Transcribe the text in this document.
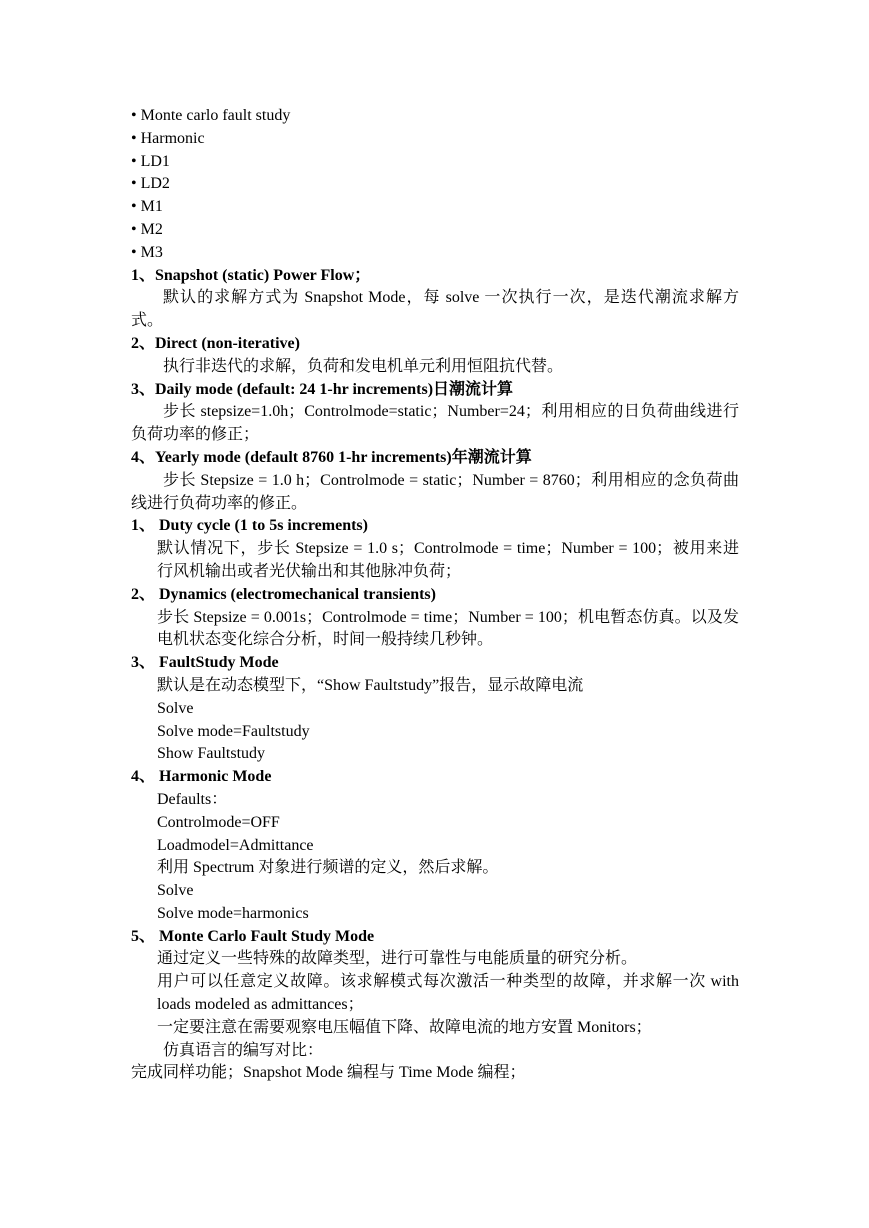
• Monte carlo fault study
• Harmonic
• LD1
• LD2
• M1
• M2
• M3
1、Snapshot (static) Power Flow；
默认的求解方式为 Snapshot Mode，每 solve 一次执行一次，是迭代潮流求解方式。
2、Direct (non-iterative)
执行非迭代的求解，负荷和发电机单元利用恒阻抗代替。
3、Daily mode (default: 24 1-hr increments)日潮流计算
步长 stepsize=1.0h；Controlmode=static；Number=24；利用相应的日负荷曲线进行负荷功率的修正；
4、Yearly mode (default 8760 1-hr increments)年潮流计算
步长 Stepsize = 1.0 h；Controlmode = static；Number = 8760；利用相应的念负荷曲线进行负荷功率的修正。
1、 Duty cycle (1 to 5s increments)
默认情况下，步长 Stepsize = 1.0 s；Controlmode = time；Number = 100；被用来进行风机输出或者光伏输出和其他脉冲负荷；
2、 Dynamics (electromechanical transients)
步长 Stepsize = 0.001s；Controlmode = time；Number = 100；机电暂态仿真。以及发电机状态变化综合分析，时间一般持续几秒钟。
3、 FaultStudy Mode
默认是在动态模型下，“Show Faultstudy”报告，显示故障电流
Solve
Solve mode=Faultstudy
Show Faultstudy
4、 Harmonic Mode
Defaults：
Controlmode=OFF
Loadmodel=Admittance
利用 Spectrum 对象进行频谱的定义，然后求解。
Solve
Solve mode=harmonics
5、 Monte Carlo Fault Study Mode
通过定义一些特殊的故障类型，进行可靠性与电能质量的研究分析。
用户可以任意定义故障。该求解模式每次激活一种类型的故障，并求解一次 with loads modeled as admittances；
一定要注意在需要观察电压幅值下降、故障电流的地方安置 Monitors；
仿真语言的编写对比：
完成同样功能；Snapshot Mode 编程与 Time Mode 编程；
